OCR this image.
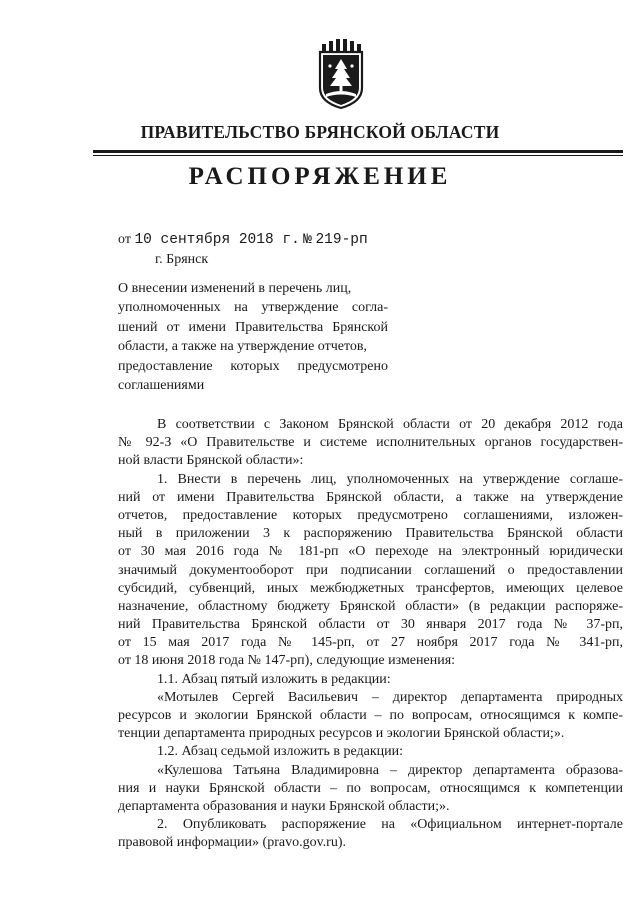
ПРАВИТЕЛЬСТВО БРЯНСКОЙ ОБЛАСТИ
РАСПОРЯЖЕНИЕ
от 10 сентября 2018 г. № 219-рп
г. Брянск
О внесении изменений в перечень лиц,
уполномоченных на утверждение согла-
шений от имени Правительства Брянской
области, а также на утверждение отчетов,
предоставление которых предусмотрено
соглашениями
В соответствии с Законом Брянской области от 20 декабря 2012 года
№ 92-З «О Правительстве и системе исполнительных органов государствен-
ной власти Брянской области»:
1. Внести в перечень лиц, уполномоченных на утверждение соглаше-
ний от имени Правительства Брянской области, а также на утверждение
отчетов, предоставление которых предусмотрено соглашениями, изложен-
ный в приложении 3 к распоряжению Правительства Брянской области
от 30 мая 2016 года № 181-рп «О переходе на электронный юридически
значимый документооборот при подписании соглашений о предоставлении
субсидий, субвенций, иных межбюджетных трансфертов, имеющих целевое
назначение, областному бюджету Брянской области» (в редакции распоряже-
ний Правительства Брянской области от 30 января 2017 года № 37-рп,
от 15 мая 2017 года № 145-рп, от 27 ноября 2017 года № 341-рп,
от 18 июня 2018 года № 147-рп), следующие изменения:
1.1. Абзац пятый изложить в редакции:
«Мотылев Сергей Васильевич – директор департамента природных
ресурсов и экологии Брянской области – по вопросам, относящимся к компе-
тенции департамента природных ресурсов и экологии Брянской области;».
1.2. Абзац седьмой изложить в редакции:
«Кулешова Татьяна Владимировна – директор департамента образова-
ния и науки Брянской области – по вопросам, относящимся к компетенции
департамента образования и науки Брянской области;».
2. Опубликовать распоряжение на «Официальном интернет-портале
правовой информации» (pravo.gov.ru).
